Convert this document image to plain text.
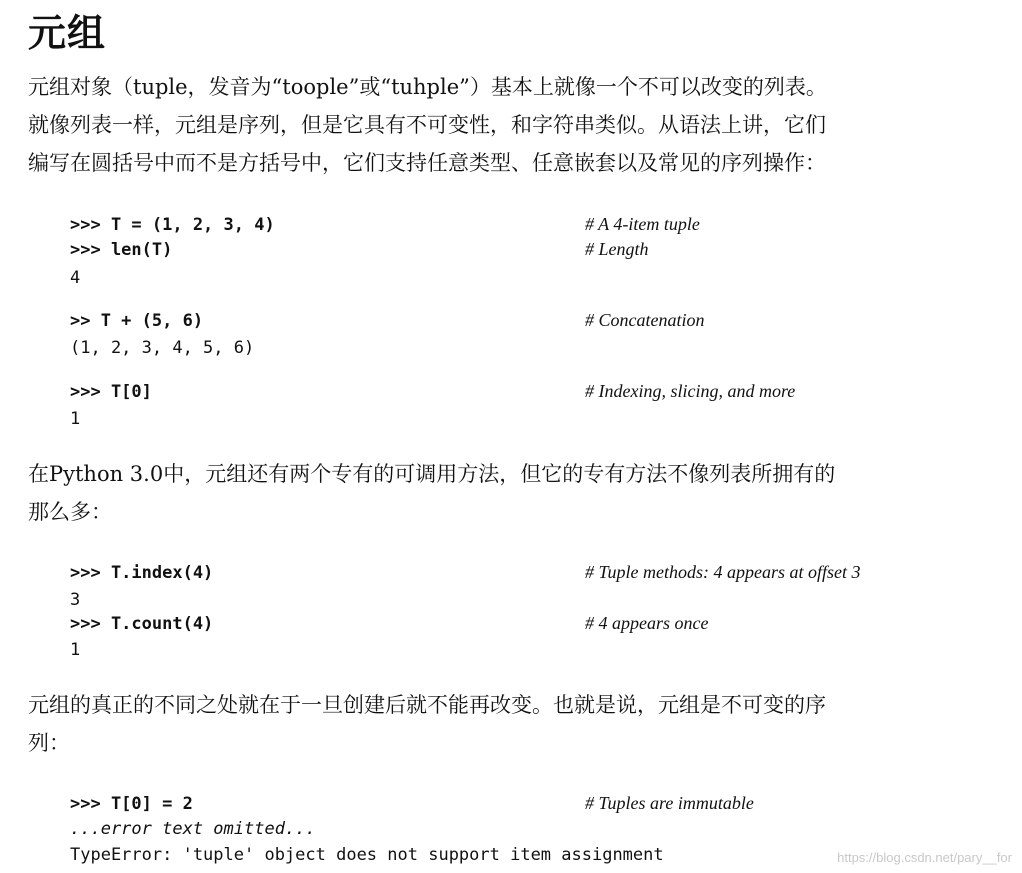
元组

元组对象（tuple，发音为“toople”或“tuhple”）基本上就像一个不可以改变的列表。
就像列表一样，元组是序列，但是它具有不可变性，和字符串类似。从语法上讲，它们
编写在圆括号中而不是方括号中，它们支持任意类型、任意嵌套以及常见的序列操作：

>>> T = (1, 2, 3, 4)	# A 4-item tuple
>>> len(T)	# Length
4
>> T + (5, 6)	# Concatenation
(1, 2, 3, 4, 5, 6)
>>> T[0]	# Indexing, slicing, and more
1

在Python 3.0中，元组还有两个专有的可调用方法，但它的专有方法不像列表所拥有的
那么多：

>>> T.index(4)	# Tuple methods: 4 appears at offset 3
3
>>> T.count(4)	# 4 appears once
1

元组的真正的不同之处就在于一旦创建后就不能再改变。也就是说，元组是不可变的序
列：

>>> T[0] = 2	# Tuples are immutable
...error text omitted...
TypeError: 'tuple' object does not support item assignment	https://blog.csdn.net/pary__for
